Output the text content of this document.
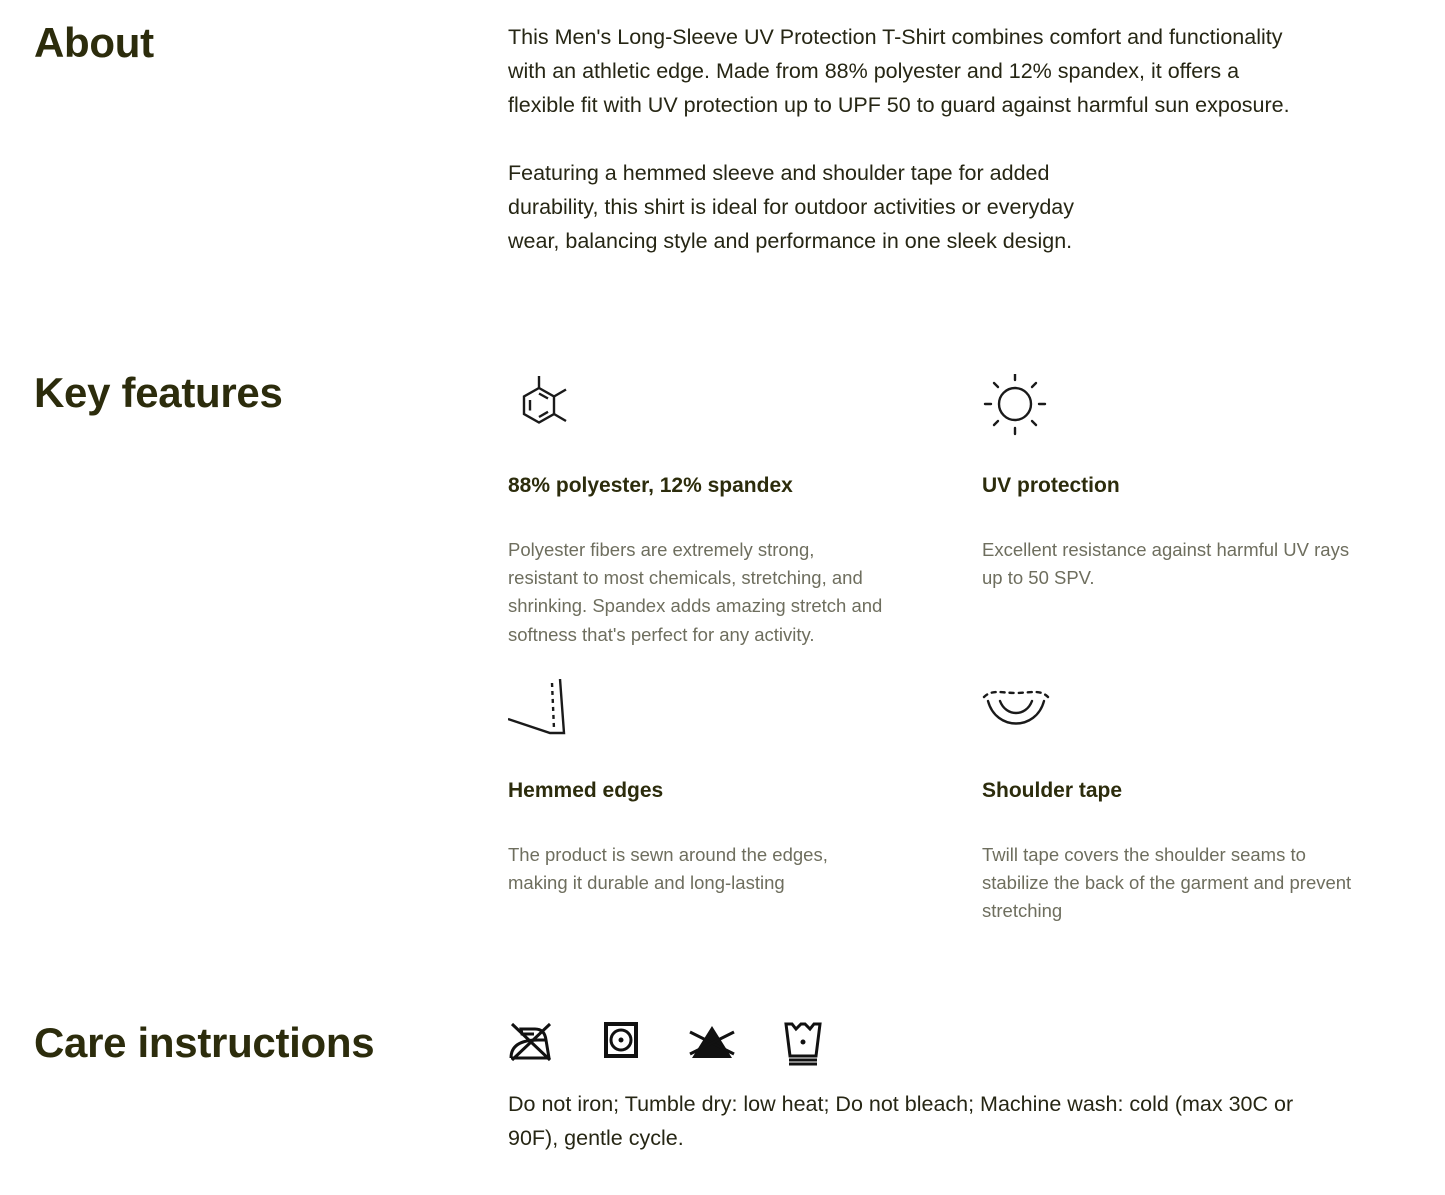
About	This Men's Long-Sleeve UV Protection T-Shirt combines comfort and functionality
with an athletic edge. Made from 88% polyester and 12% spandex, it offers a
flexible fit with UV protection up to UPF 50 to guard against harmful sun exposure.

Featuring a hemmed sleeve and shoulder tape for added
durability, this shirt is ideal for outdoor activities or everyday
wear, balancing style and performance in one sleek design.

Key features
88% polyester, 12% spandex

Polyester fibers are extremely strong,
resistant to most chemicals, stretching, and
shrinking. Spandex adds amazing stretch and
softness that's perfect for any activity.

UV protection

Excellent resistance against harmful UV rays
up to 50 SPV.

Hemmed edges

The product is sewn around the edges,
making it durable and long-lasting

Shoulder tape

Twill tape covers the shoulder seams to
stabilize the back of the garment and prevent
stretching

Care instructions

Do not iron; Tumble dry: low heat; Do not bleach; Machine wash: cold (max 30C or
90F), gentle cycle.
